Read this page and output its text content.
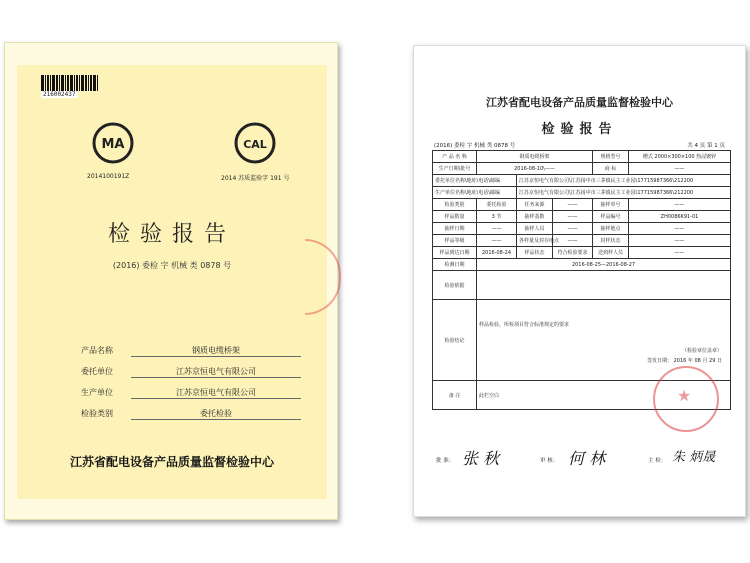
216002437
MA
2014100191Z
CAL
2014 苏质监验字 191 号
检验报告
(2016) 委检 字 机械 类 0878 号
产品名称	钢质电缆桥架
委托单位	江苏京恒电气有限公司
生产单位	江苏京恒电气有限公司
检验类别	委托检验
江苏省配电设备产品质量监督检验中心
江苏省配电设备产品质量监督检验中心
检验报告
(2016) 委检 字 机械 类 0878 号	共 4 页 第 1 页
产 品 名 称	钢质电缆桥架			规格型号	槽式 2000×300×100 热浸镀锌
生产日期\批号	2016-08-10\——			商 标	——
委托单位名称\地址\电话\邮编		江苏京恒电气有限公司\江苏扬中市三茅镇民主工业园\17715987366\212200			
生产单位名称\地址\电话\邮编		江苏京恒电气有限公司\江苏扬中市三茅镇民主工业园\17715987366\212200			
检验类别	委托检验	任务来源	——	抽样单号	——
样品数量	3 节	抽样基数	——	样品编号	ZH0086K91-01
抽样日期	——	抽样人员	——	抽样地点	——
样品等级	——	各样量及封存地点	——	封样状态	——
样品到达日期	2016-08-24	样品状态	符合检验要求	送到样人员	——
检测日期	2016-08-25—2016-08-27				
检验依据					
检验结论	样品检验，所检项目符合标准规定的要求
（检验章位盖章）
签发日期： 2016 年 08 月 29 日				

备 注	此栏空白				
★
批 准： 张 秋	审 核： 何 林	主 检： 朱 炳晟
